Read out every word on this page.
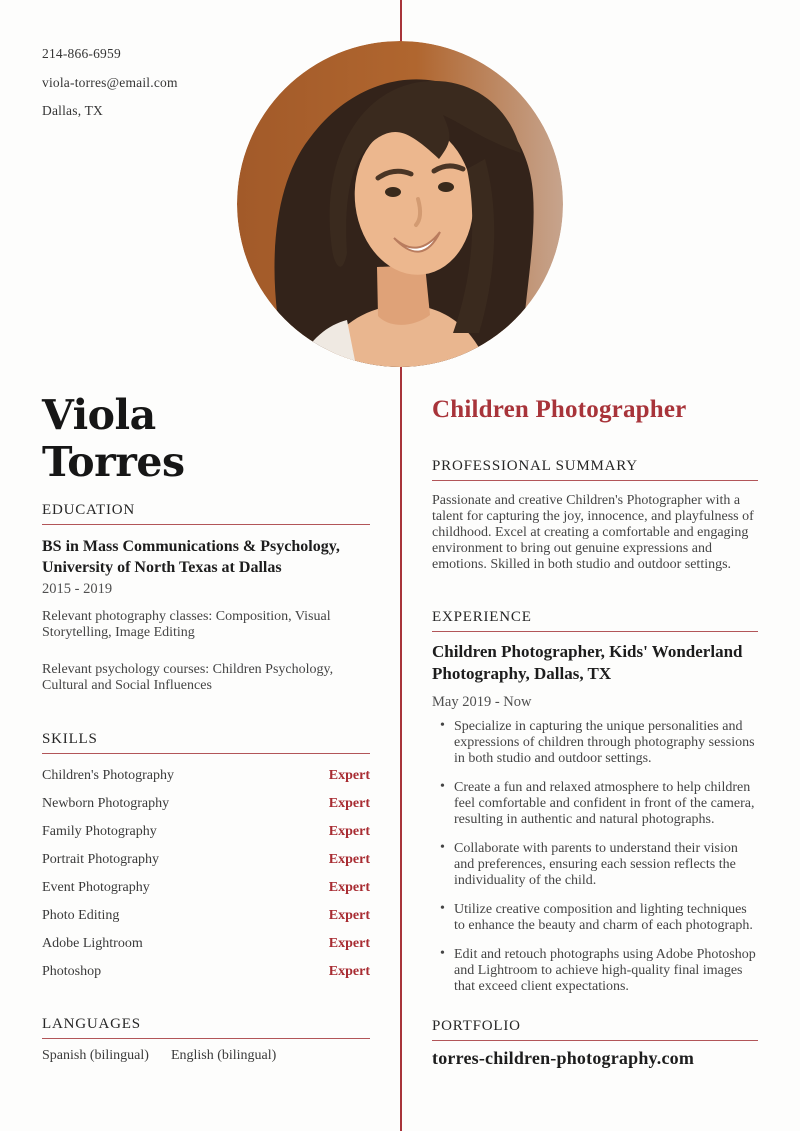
214-866-6959
viola-torres@email.com
Dallas, TX
Viola
Torres
EDUCATION

BS in Mass Communications & Psychology, University of North Texas at Dallas

2015 - 2019

Relevant photography classes: Composition, Visual Storytelling, Image Editing

Relevant psychology courses: Children Psychology, Cultural and Social Influences

SKILLS
Children's Photography	Expert
Newborn Photography	Expert
Family Photography	Expert
Portrait Photography	Expert
Event Photography	Expert
Photo Editing	Expert
Adobe Lightroom	Expert
Photoshop	Expert
LANGUAGES
Spanish (bilingual) English (bilingual)
Children Photographer
PROFESSIONAL SUMMARY

Passionate and creative Children's Photographer with a talent for capturing the joy, innocence, and playfulness of childhood. Excel at creating a comfortable and engaging environment to bring out genuine expressions and emotions. Skilled in both studio and outdoor settings.

EXPERIENCE
Children Photographer, Kids' Wonderland Photography, Dallas, TX

May 2019 - Now

• Specialize in capturing the unique personalities and expressions of children through photography sessions in both studio and outdoor settings.
• Create a fun and relaxed atmosphere to help children feel comfortable and confident in front of the camera, resulting in authentic and natural photographs.
• Collaborate with parents to understand their vision and preferences, ensuring each session reflects the individuality of the child.
• Utilize creative composition and lighting techniques to enhance the beauty and charm of each photograph.
• Edit and retouch photographs using Adobe Photoshop and Lightroom to achieve high-quality final images that exceed client expectations.
PORTFOLIO

torres-children-photography.com
